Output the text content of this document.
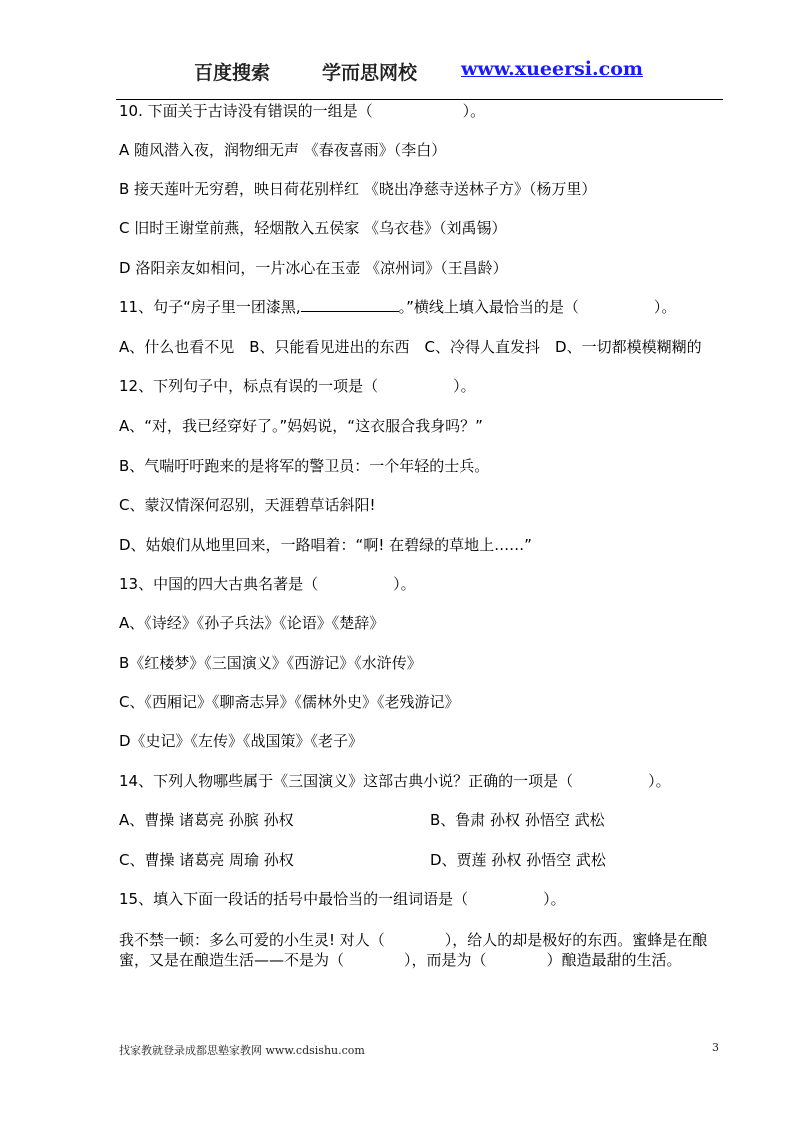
百度搜索	学而思网校 www.xueersi.com
10. 下面关于古诗没有错误的一组是（　　　　　　）。
A 随风潜入夜，润物细无声 《春夜喜雨》（李白）
B 接天莲叶无穷碧，映日荷花别样红 《晓出净慈寺送林子方》（杨万里）
C 旧时王谢堂前燕，轻烟散入五侯家 《乌衣巷》（刘禹锡）
D 洛阳亲友如相问，一片冰心在玉壶 《凉州词》（王昌龄）
11、句子“房子里一团漆黑,	。”横线上填入最恰当的是（　　　　　）。
A、什么也看不见　B、只能看见进出的东西　C、冷得人直发抖　D、一切都模模糊糊的
12、下列句子中，标点有误的一项是（　　　　　）。
A、“对，我已经穿好了。”妈妈说，“这衣服合我身吗？”
B、气喘吁吁跑来的是将军的警卫员：一个年轻的士兵。
C、蒙汉情深何忍别，天涯碧草话斜阳!
D、姑娘们从地里回来，一路唱着：“啊! 在碧绿的草地上……”
13、中国的四大古典名著是（　　　　　）。
A、《诗经》《孙子兵法》《论语》《楚辞》
B《红楼梦》《三国演义》《西游记》《水浒传》
C、《西厢记》《聊斋志异》《儒林外史》《老残游记》
D《史记》《左传》《战国策》《老子》
14、下列人物哪些属于《三国演义》这部古典小说？正确的一项是（　　　　　）。
A、曹操 诸葛亮 孙膑 孙权	B、鲁肃 孙权 孙悟空 武松
C、曹操 诸葛亮 周瑜 孙权	D、贾莲 孙权 孙悟空 武松
15、填入下面一段话的括号中最恰当的一组词语是（　　　　　）。
我不禁一顿：多么可爱的小生灵! 对人（　　　　），给人的却是极好的东西。蜜蜂是在酿蜜，又是在酿造生活——不是为（　　　　），而是为（　　　　）酿造最甜的生活。
找家教就登录成都思塾家教网 www.cdsishu.com	3
